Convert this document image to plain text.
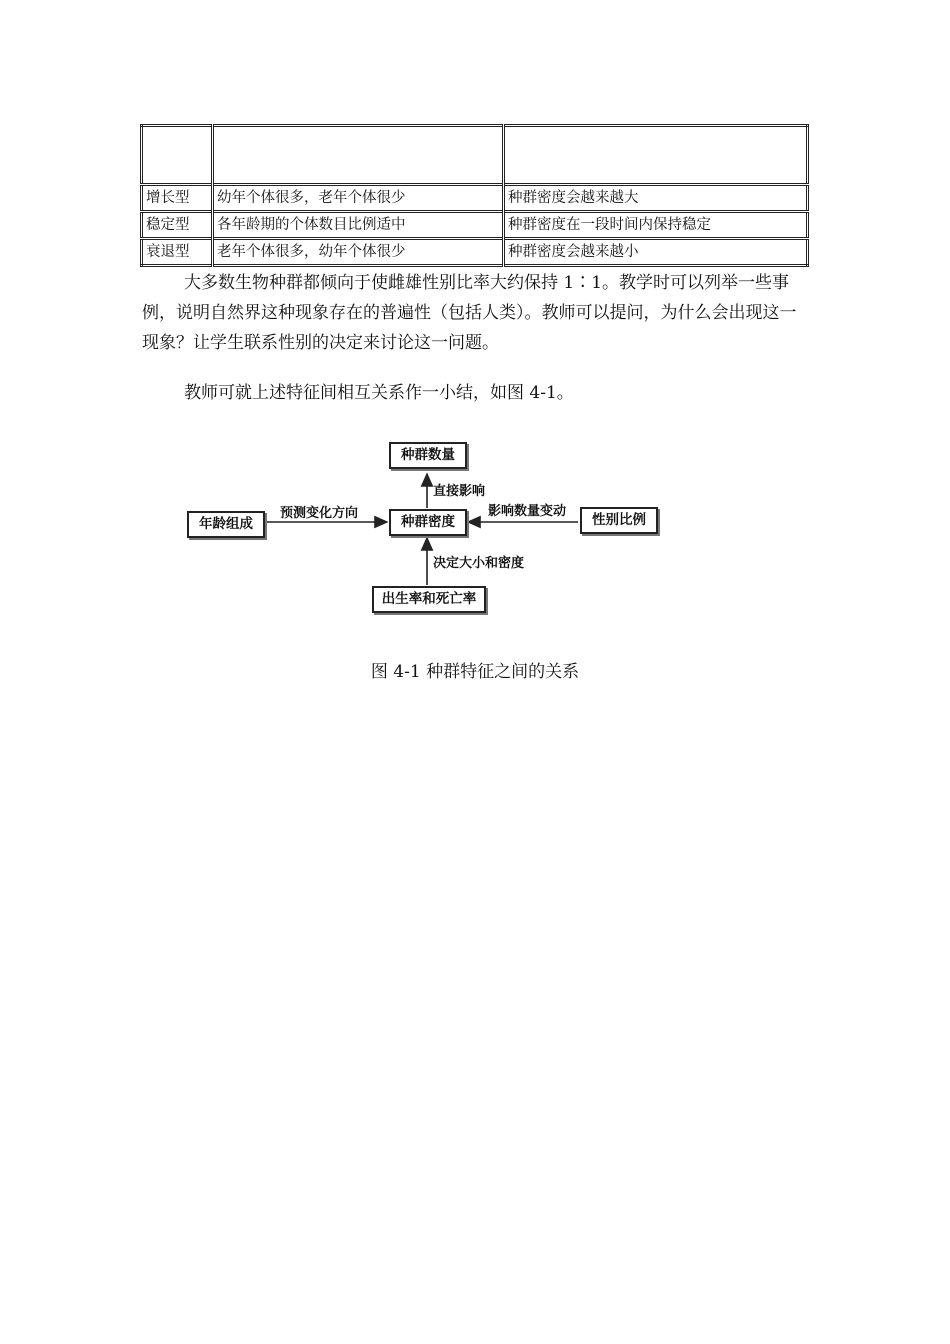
增长型	幼年个体很多，老年个体很少	种群密度会越来越大
稳定型	各年龄期的个体数目比例适中	种群密度在一段时间内保持稳定
衰退型	老年个体很多，幼年个体很少	种群密度会越来越小

大多数生物种群都倾向于使雌雄性别比率大约保持 1∶1。教学时可以列举一些事例，说明自然界这种现象存在的普遍性（包括人类）。教师可以提问，为什么会出现这一现象？让学生联系性别的决定来讨论这一问题。

教师可就上述特征间相互关系作一小结，如图 4-1。

种群数量
种群密度
年龄组成	性别比例
出生率和死亡率
直接影响
预测变化方向	影响数量变动
决定大小和密度
图 4-1 种群特征之间的关系
